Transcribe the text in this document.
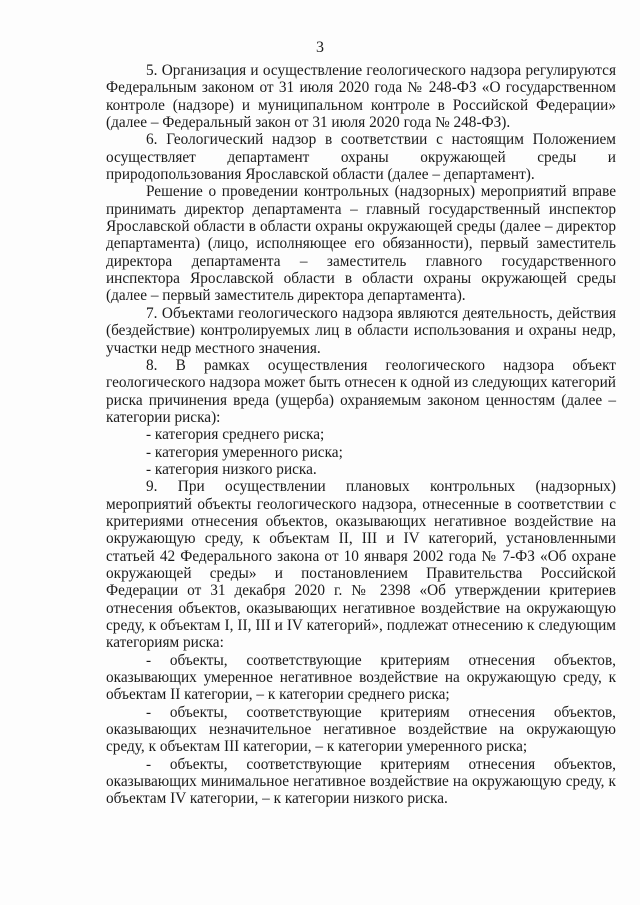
3

5. Организация и осуществление геологического надзора регулируются Федеральным законом от 31 июля 2020 года № 248-ФЗ «О государственном контроле (надзоре) и муниципальном контроле в Российской Федерации» (далее – Федеральный закон от 31 июля 2020 года № 248-ФЗ).

6. Геологический надзор в соответствии с настоящим Положением осуществляет департамент охраны окружающей среды и природопользования Ярославской области (далее – департамент).

Решение о проведении контрольных (надзорных) мероприятий вправе принимать директор департамента – главный государственный инспектор Ярославской области в области охраны окружающей среды (далее – директор департамента) (лицо, исполняющее его обязанности), первый заместитель директора департамента – заместитель главного государственного инспектора Ярославской области в области охраны окружающей среды (далее – первый заместитель директора департамента).

7. Объектами геологического надзора являются деятельность, действия (бездействие) контролируемых лиц в области использования и охраны недр, участки недр местного значения.

8. В рамках осуществления геологического надзора объект геологического надзора может быть отнесен к одной из следующих категорий риска причинения вреда (ущерба) охраняемым законом ценностям (далее – категории риска):

- категория среднего риска;

- категория умеренного риска;

- категория низкого риска.

9. При осуществлении плановых контрольных (надзорных) мероприятий объекты геологического надзора, отнесенные в соответствии с критериями отнесения объектов, оказывающих негативное воздействие на окружающую среду, к объектам II, III и IV категорий, установленными статьей 42 Федерального закона от 10 января 2002 года № 7-ФЗ «Об охране окружающей среды» и постановлением Правительства Российской Федерации от 31 декабря 2020 г. № 2398 «Об утверждении критериев отнесения объектов, оказывающих негативное воздействие на окружающую среду, к объектам I, II, III и IV категорий», подлежат отнесению к следующим категориям риска:

- объекты, соответствующие критериям отнесения объектов, оказывающих умеренное негативное воздействие на окружающую среду, к объектам II категории, – к категории среднего риска;

- объекты, соответствующие критериям отнесения объектов, оказывающих незначительное негативное воздействие на окружающую среду, к объектам III категории, – к категории умеренного риска;

- объекты, соответствующие критериям отнесения объектов, оказывающих минимальное негативное воздействие на окружающую среду, к объектам IV категории, – к категории низкого риска.
